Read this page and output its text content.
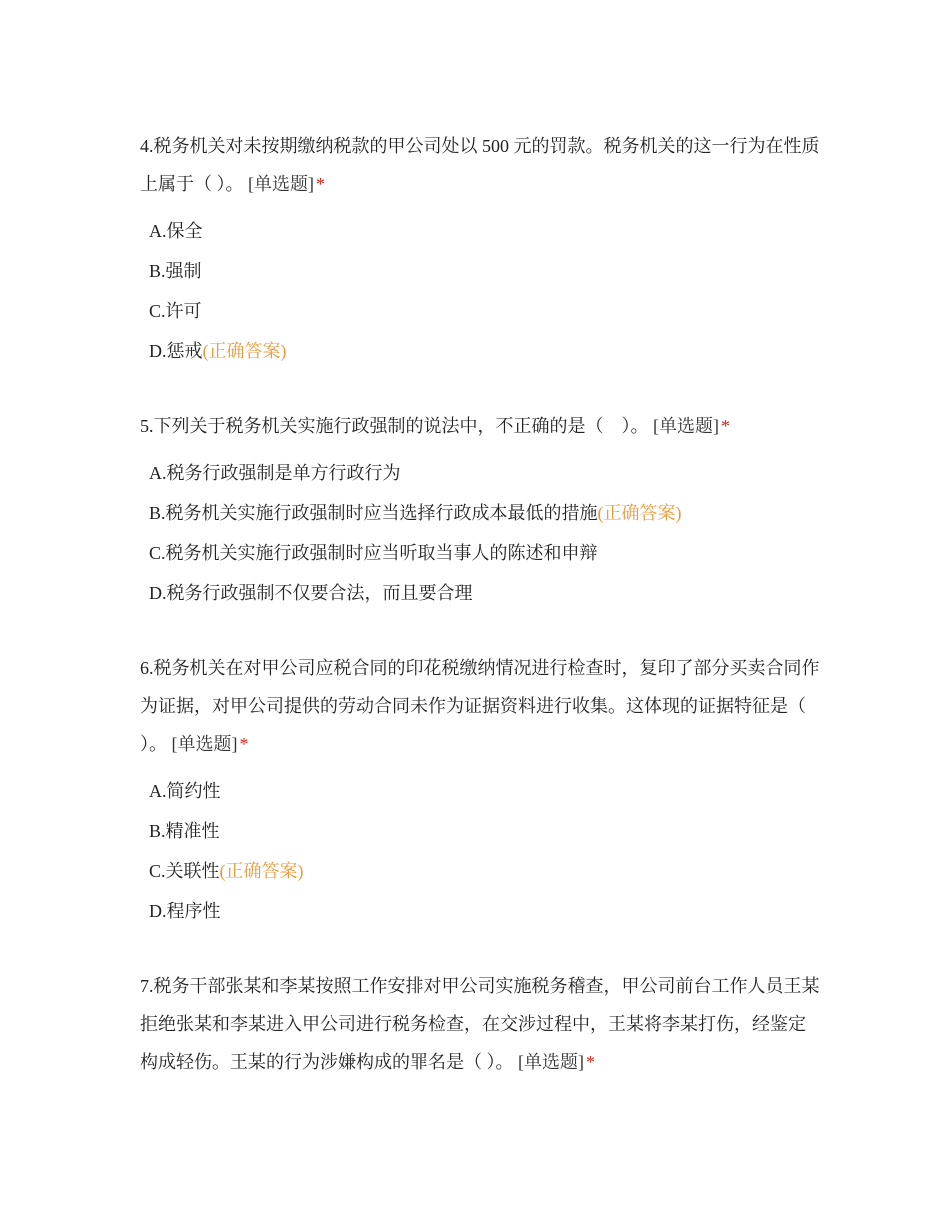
4.税务机关对未按期缴纳税款的甲公司处以 500 元的罚款。税务机关的这一行为在性质上属于（ ）。 [单选题] *

A.保全
B.强制
C.许可
D.惩戒(正确答案)

5.下列关于税务机关实施行政强制的说法中，不正确的是（　）。 [单选题] *

A.税务行政强制是单方行政行为
B.税务机关实施行政强制时应当选择行政成本最低的措施(正确答案)
C.税务机关实施行政强制时应当听取当事人的陈述和申辩
D.税务行政强制不仅要合法，而且要合理

6.税务机关在对甲公司应税合同的印花税缴纳情况进行检查时，复印了部分买卖合同作为证据，对甲公司提供的劳动合同未作为证据资料进行收集。这体现的证据特征是（ ）。 [单选题] *

A.简约性
B.精准性
C.关联性(正确答案)
D.程序性

7.税务干部张某和李某按照工作安排对甲公司实施税务稽查，甲公司前台工作人员王某拒绝张某和李某进入甲公司进行税务检查，在交涉过程中，王某将李某打伤，经鉴定构成轻伤。王某的行为涉嫌构成的罪名是（ ）。 [单选题] *
